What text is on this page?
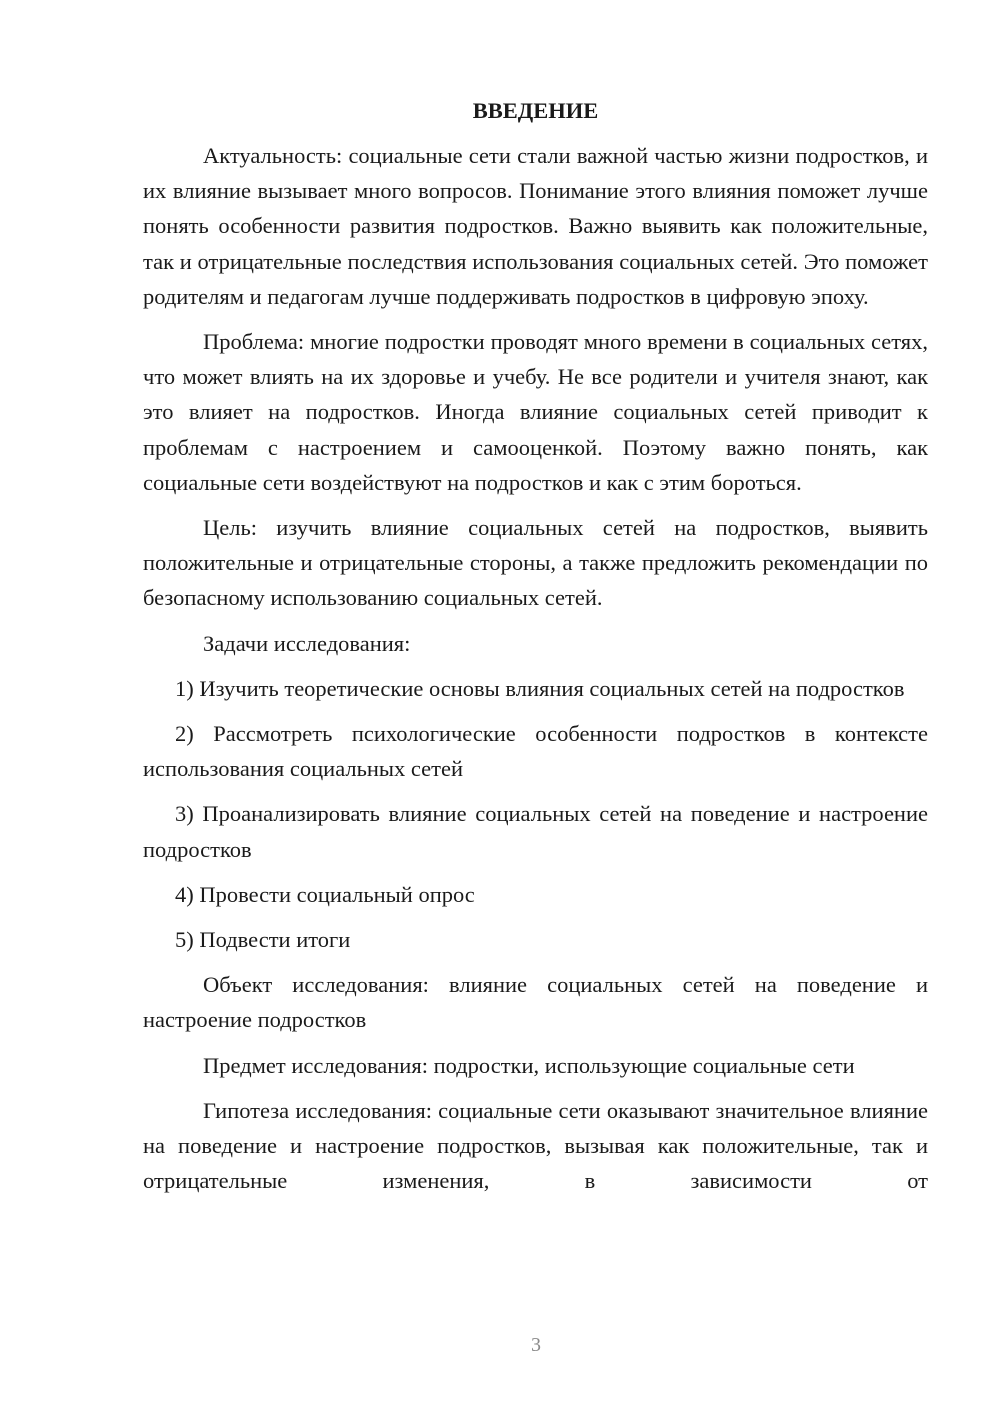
ВВЕДЕНИЕ

Актуальность: социальные сети стали важной частью жизни подростков, и их влияние вызывает много вопросов. Понимание этого влияния поможет лучше понять особенности развития подростков. Важно выявить как положительные, так и отрицательные последствия использования социальных сетей. Это поможет родителям и педагогам лучше поддерживать подростков в цифровую эпоху.

Проблема: многие подростки проводят много времени в социальных сетях, что может влиять на их здоровье и учебу. Не все родители и учителя знают, как это влияет на подростков. Иногда влияние социальных сетей приводит к проблемам с настроением и самооценкой. Поэтому важно понять, как социальные сети воздействуют на подростков и как с этим бороться.

Цель: изучить влияние социальных сетей на подростков, выявить положительные и отрицательные стороны, а также предложить рекомендации по безопасному использованию социальных сетей.

Задачи исследования:

1) Изучить теоретические основы влияния социальных сетей на подростков

2) Рассмотреть психологические особенности подростков в контексте использования социальных сетей

3) Проанализировать влияние социальных сетей на поведение и настроение подростков

4) Провести социальный опрос

5) Подвести итоги

Объект исследования: влияние социальных сетей на поведение и настроение подростков

Предмет исследования: подростки, использующие социальные сети

Гипотеза исследования: социальные сети оказывают значительное влияние на поведение и настроение подростков, вызывая как положительные, так и отрицательные изменения, в зависимости от

3
